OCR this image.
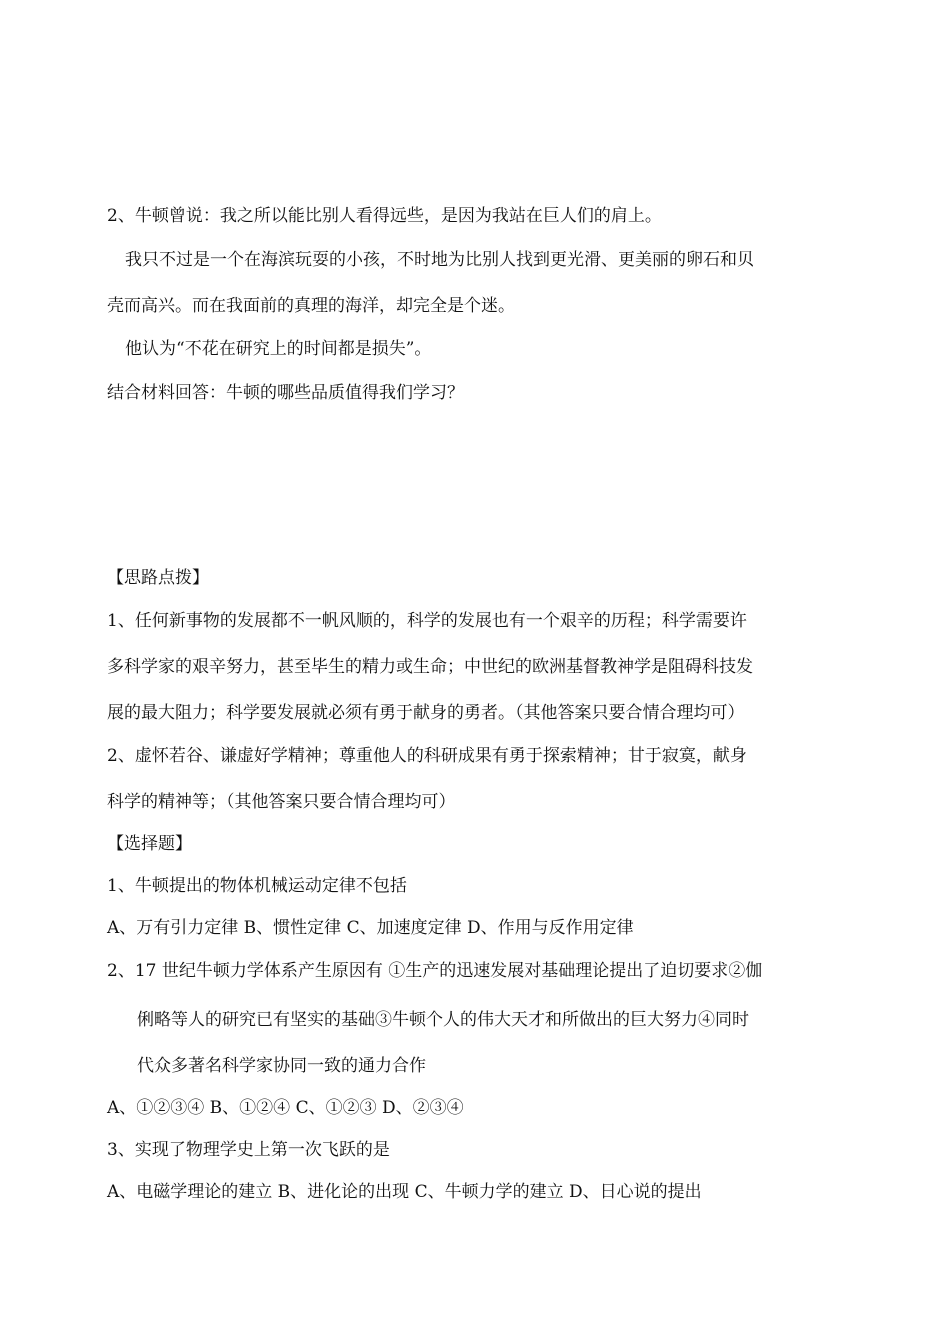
2、牛顿曾说：我之所以能比别人看得远些，是因为我站在巨人们的肩上。
我只不过是一个在海滨玩耍的小孩，不时地为比别人找到更光滑、更美丽的卵石和贝
壳而高兴。而在我面前的真理的海洋，却完全是个迷。
他认为“不花在研究上的时间都是损失”。
结合材料回答：牛顿的哪些品质值得我们学习？
【思路点拨】
1、任何新事物的发展都不一帆风顺的，科学的发展也有一个艰辛的历程；科学需要许
多科学家的艰辛努力，甚至毕生的精力或生命；中世纪的欧洲基督教神学是阻碍科技发
展的最大阻力；科学要发展就必须有勇于献身的勇者。（其他答案只要合情合理均可）
2、虚怀若谷、谦虚好学精神；尊重他人的科研成果有勇于探索精神；甘于寂寞，献身
科学的精神等；（其他答案只要合情合理均可）
【选择题】
1、牛顿提出的物体机械运动定律不包括
A、万有引力定律 B、惯性定律 C、加速度定律 D、作用与反作用定律
2、17 世纪牛顿力学体系产生原因有 ①生产的迅速发展对基础理论提出了迫切要求②伽
俐略等人的研究已有坚实的基础③牛顿个人的伟大天才和所做出的巨大努力④同时
代众多著名科学家协同一致的通力合作
A、①②③④ B、①②④ C、①②③ D、②③④
3、实现了物理学史上第一次飞跃的是
A、电磁学理论的建立 B、进化论的出现 C、牛顿力学的建立 D、日心说的提出
